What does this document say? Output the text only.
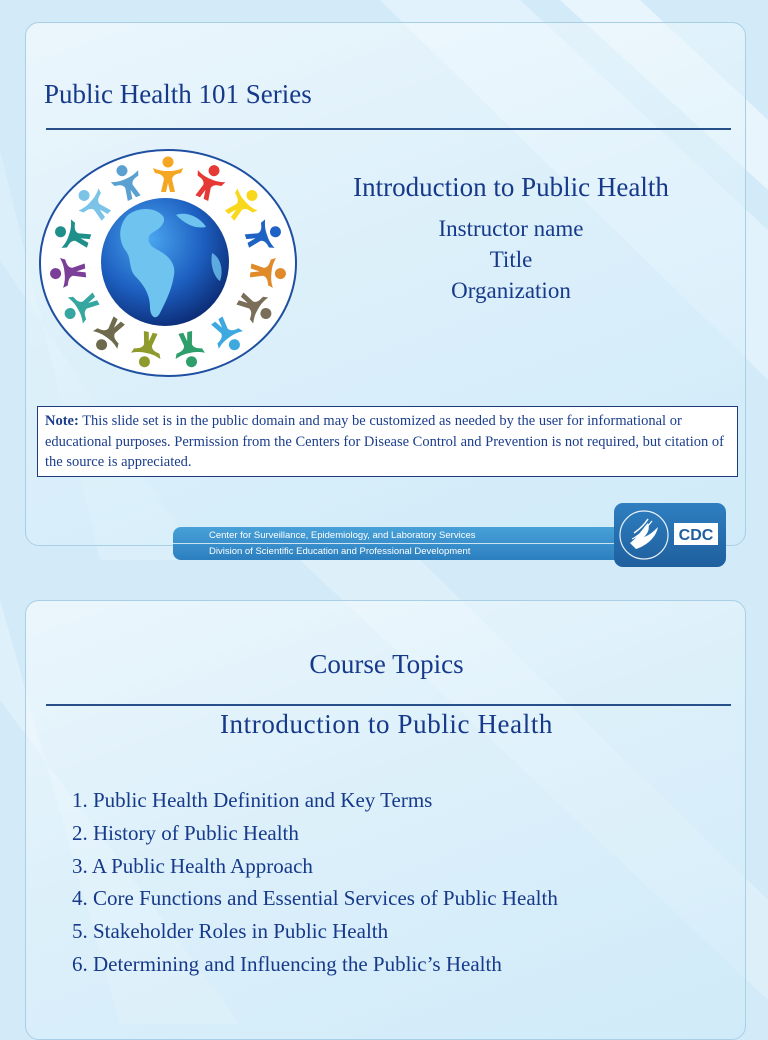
Public Health 101 Series
Introduction to Public Health
Instructor name
Title
Organization
Note: This slide set is in the public domain and may be customized as needed by the user for informational or educational purposes. Permission from the Centers for Disease Control and Prevention is not required, but citation of the source is appreciated.
Center for Surveillance, Epidemiology, and Laboratory Services
Division of Scientific Education and Professional Development
CDC
Course Topics
Introduction to Public Health
1. Public Health Definition and Key Terms
2. History of Public Health
3. A Public Health Approach
4. Core Functions and Essential Services of Public Health
5. Stakeholder Roles in Public Health
6. Determining and Influencing the Public’s Health
